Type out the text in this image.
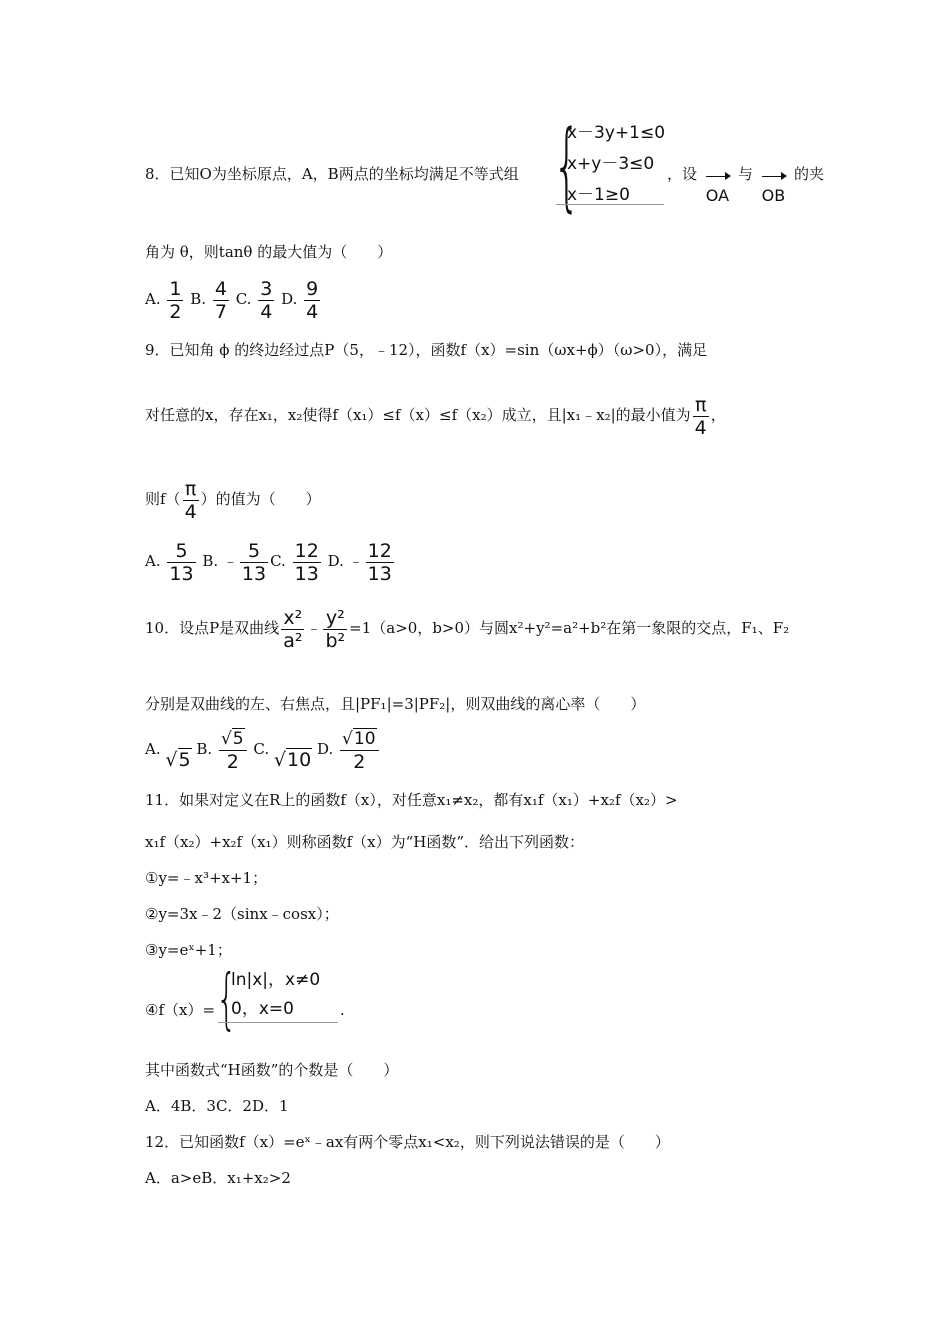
8．已知O为坐标原点，A，B两点的坐标均满足不等式组 {
x－3y+1≤0
x+y－3≤0
x－1≥0
，设
OA 与
OB 的夹
角为 θ，则tanθ 的最大值为（　　）
A. $\frac{1}{2} B$. $\frac{4}{7} C$. $\frac{3}{4} D$. $\frac{9}{4}$
9．已知角 ϕ 的终边经过点P（5，﹣12），函数f（x）=sin（ωx+ϕ）（ω>0），满足
对任意的x，存在x₁，x₂使得f（x₁）≤f（x）≤f（x₂）成立，且|x₁﹣x₂|的最小值为 $\frac{\pi}{4}$ ，
则$f( \frac{\pi}{4}$ ）的值为（　　）
A. $\frac{5}{13} B$. ﹣ $\frac{5}{13} C$. $\frac{12}{13} D$. ﹣ $\frac{12}{13}$
10．设点P是双曲线 $\frac{\text{x²}}{\text{a²}}$ ﹣ $\frac{\text{y²}}{\text{b²}} =1(a>0$，b>0）与圆x²+y²=a²+b²在第一象限的交点，F₁、F₂
分别是双曲线的左、右焦点，且|PF₁|=3|PF₂|，则双曲线的离心率（　　）
A. √5 B. $\frac{√5}{2} C$. √10 D. $\frac{√10}{2}$
11．如果对定义在R上的函数f（x），对任意x₁≠x₂，都有x₁f（x₁）+x₂f（x₂）>
x₁f（x₂）+x₂f（x₁）则称函数f（x）为“H函数”．给出下列函数：
①y=﹣x³+x+1；
②y=3x﹣2（sinx﹣cosx）；
③y=eˣ+1；
④f（x）= {
ln|x|，x≠0
0，x=0	.
其中函数式“H函数”的个数是（　　）
A．4B．3C．2D．1
12．已知函数f（x）=eˣ﹣ax有两个零点x₁<x₂，则下列说法错误的是（　　）
A．a>eB．x₁+x₂>2
